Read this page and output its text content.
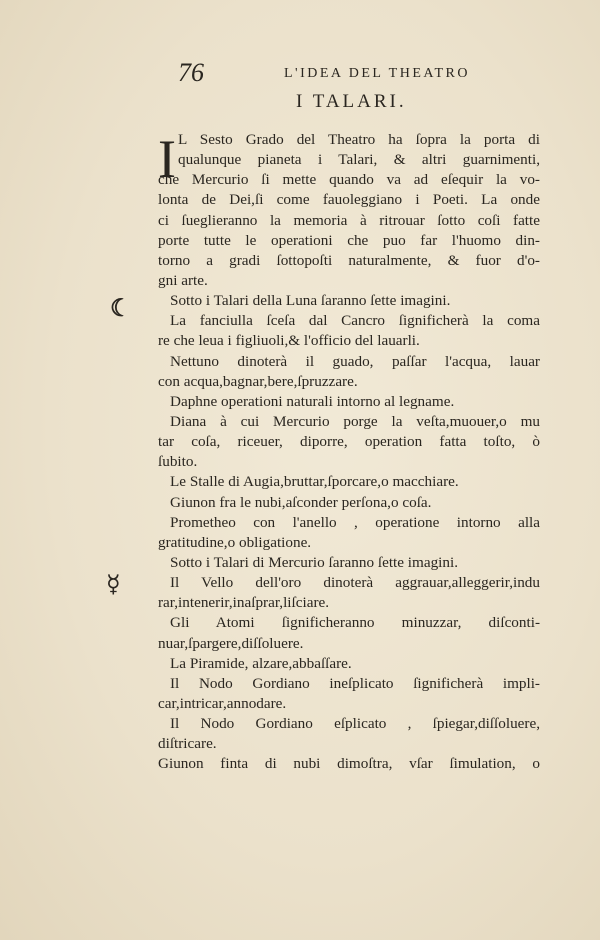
76	L'IDEA DEL THEATRO
I TALARI.
☾
☿
I L Sesto Grado del Theatro ha ſopra la porta di
qualunque pianeta i Talari, & altri guarnimenti,
che Mercurio ſi mette quando va ad eſequir la vo-
lonta de Dei,ſi come fauoleggiano i Poeti. La onde
ci ſueglieranno la memoria à ritrouar ſotto coſi fatte
porte tutte le operationi che puo far l'huomo din-
torno a gradi ſottopoſti naturalmente, & fuor d'o-
gni arte.
Sotto i Talari della Luna ſaranno ſette imagini.
La fanciulla ſceſa dal Cancro ſignificherà la coma
re che leua i figliuoli,& l'officio del lauarli.
Nettuno dinoterà il guado, paſſar l'acqua, lauar
con acqua,bagnar,bere,ſpruzzare.
Daphne operationi naturali intorno al legname.
Diana à cui Mercurio porge la veſta,muouer,o mu
tar coſa, riceuer, diporre, operation fatta toſto, ò
ſubito.
Le Stalle di Augia,bruttar,ſporcare,o macchiare.
Giunon fra le nubi,aſconder perſona,o coſa.
Prometheo con l'anello , operatione intorno alla
gratitudine,o obligatione.
Sotto i Talari di Mercurio ſaranno ſette imagini.
Il Vello dell'oro dinoterà aggrauar,alleggerir,indu
rar,intenerir,inaſprar,liſciare.
Gli Atomi ſignificheranno minuzzar, diſconti-
nuar,ſpargere,diſſoluere.
La Piramide, alzare,abbaſſare.
Il Nodo Gordiano ineſplicato ſignificherà impli-
car,intricar,annodare.
Il Nodo Gordiano eſplicato , ſpiegar,diſſoluere,
diſtricare.
Giunon finta di nubi dimoſtra, vſar ſimulation, o
